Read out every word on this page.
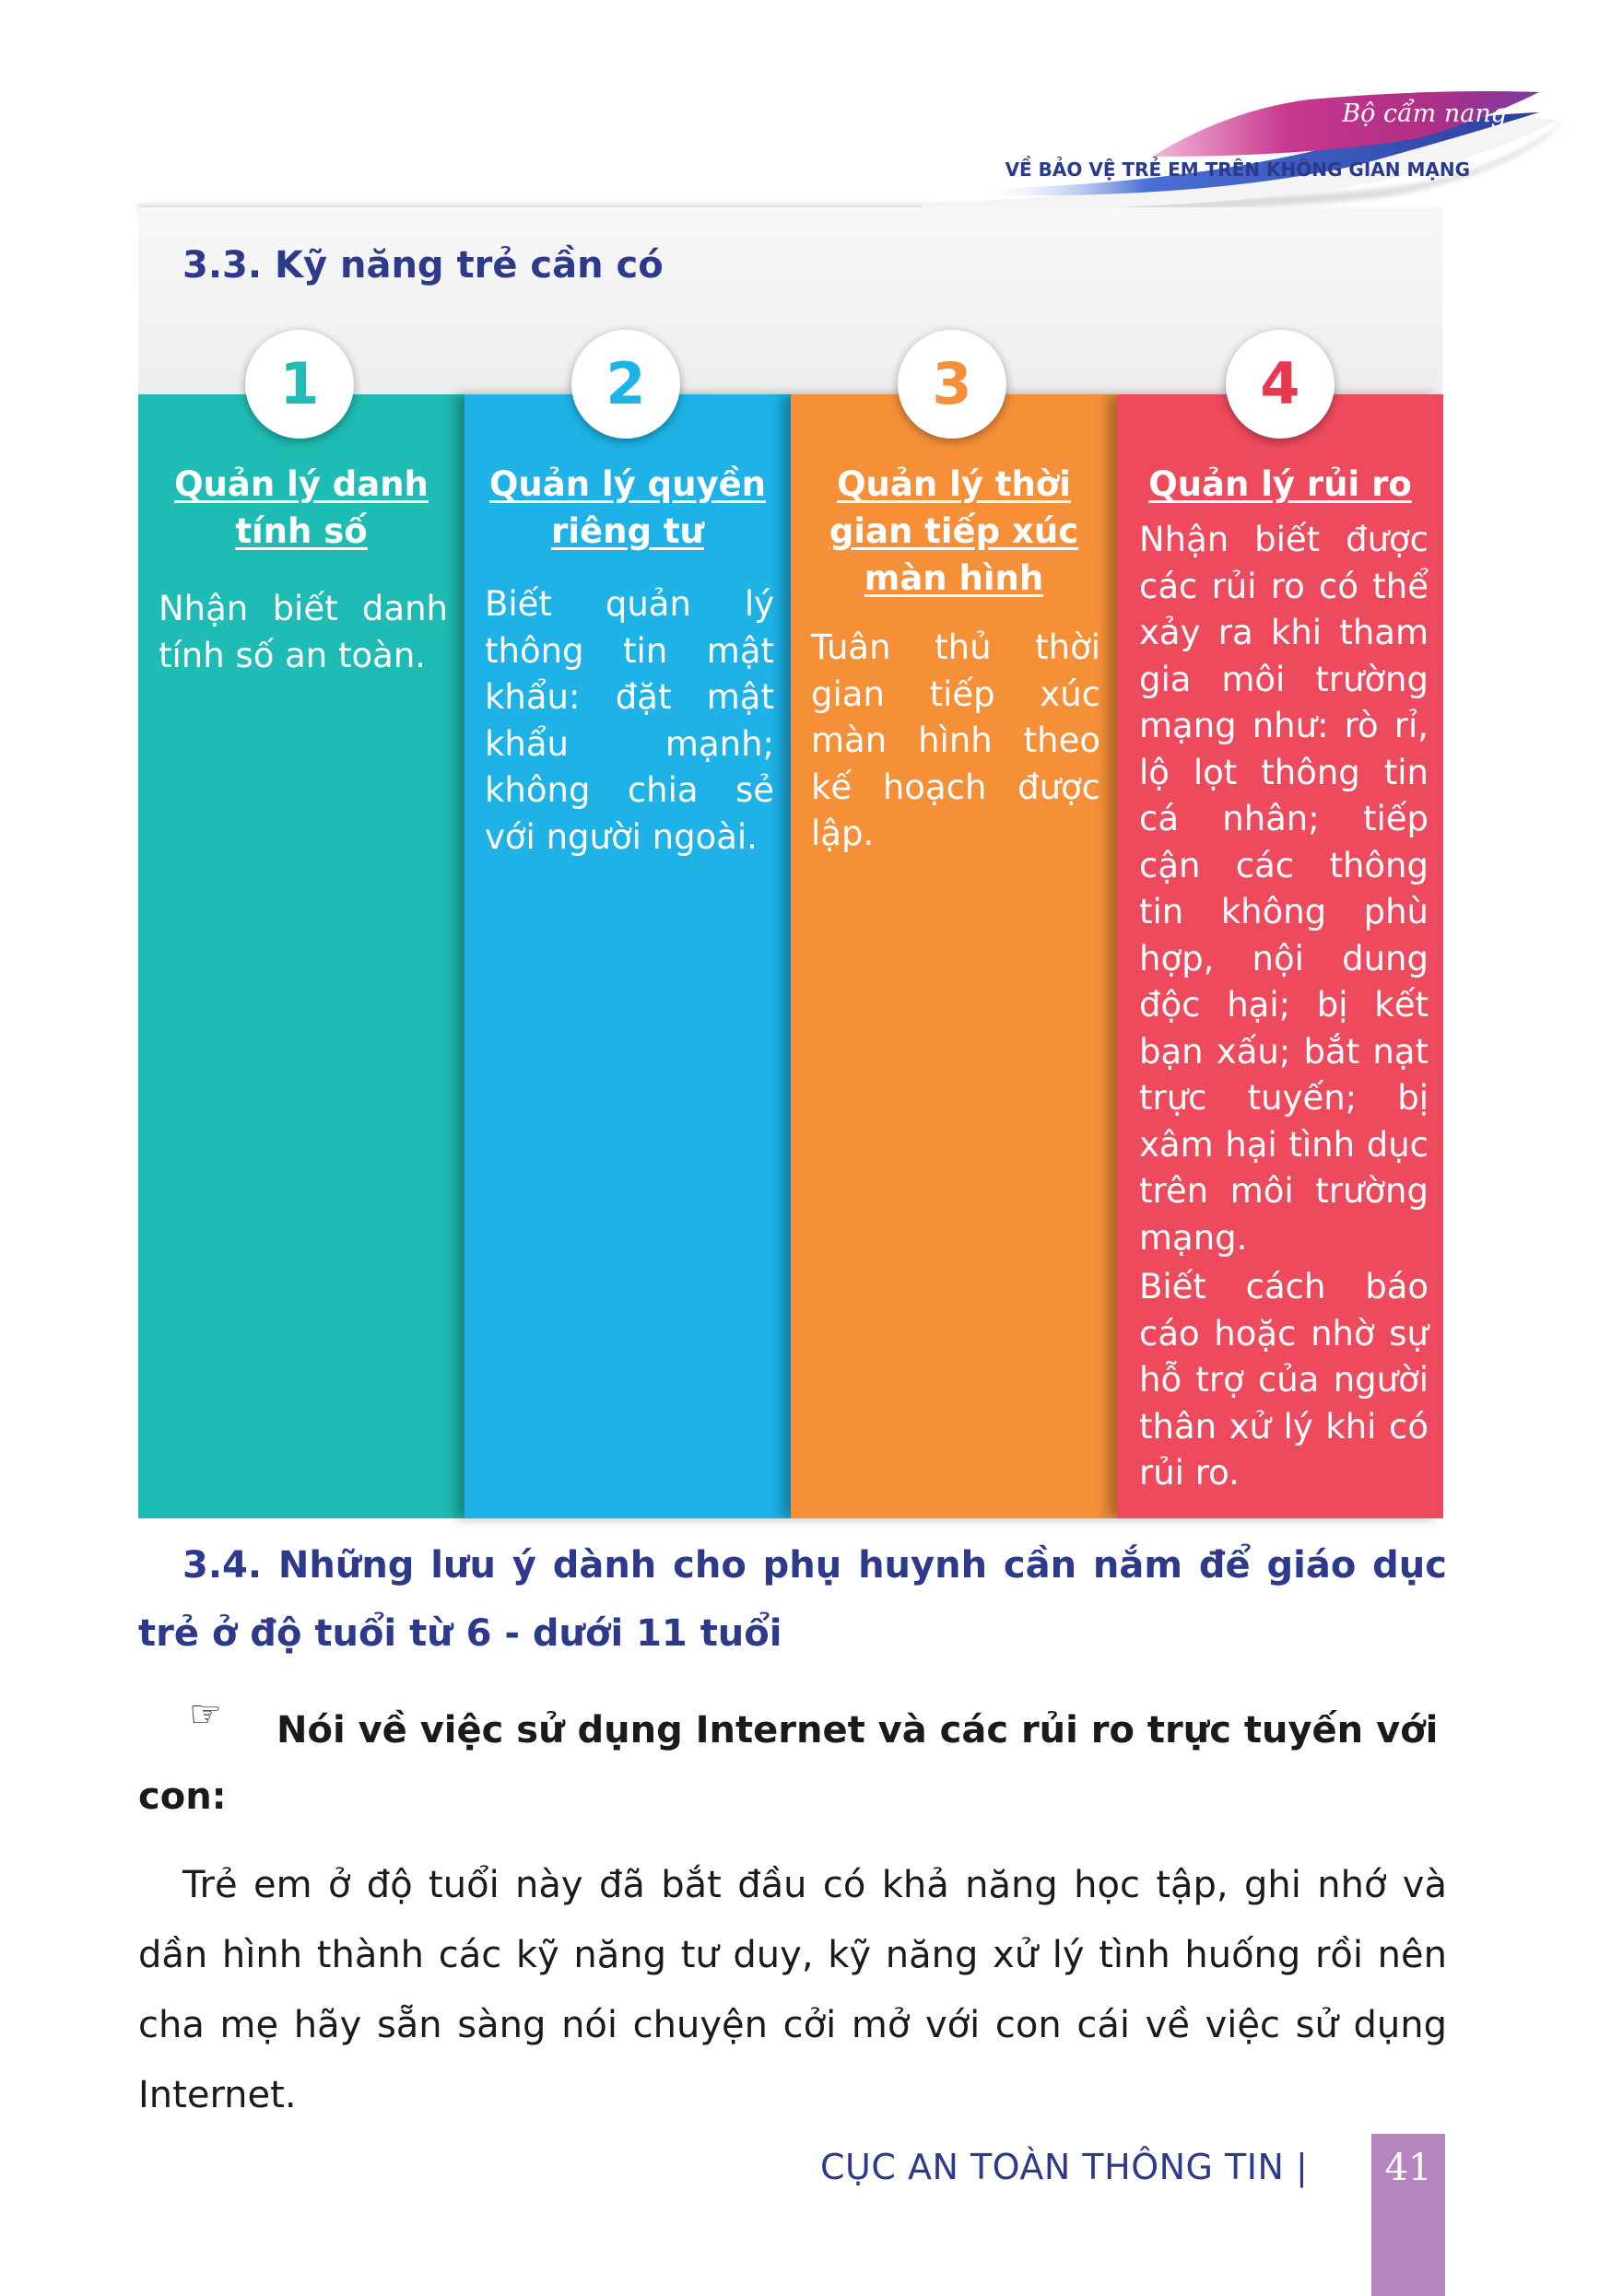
Bộ cẩm nang
VỀ BẢO VỆ TRẺ EM TRÊN KHÔNG GIAN MẠNG
3.3. Kỹ năng trẻ cần có
Quản lý danh tính số
Nhận biết danh tính số an toàn.
Quản lý quyền riêng tư
Biết quản lý thông tin mật khẩu: đặt mật khẩu mạnh; không chia sẻ với người ngoài.
Quản lý thời gian tiếp xúc màn hình
Tuân thủ thời gian tiếp xúc màn hình theo kế hoạch được lập.
Quản lý rủi ro
Nhận biết được các rủi ro có thể xảy ra khi tham gia môi trường mạng như: rò rỉ, lộ lọt thông tin cá nhân; tiếp cận các thông tin không phù hợp, nội dung độc hại; bị kết bạn xấu; bắt nạt trực tuyến; bị xâm hại tình dục trên môi trường mạng.
Biết cách báo cáo hoặc nhờ sự hỗ trợ của người thân xử lý khi có rủi ro.
1	2	3	4
3.4. Những lưu ý dành cho phụ huynh cần nắm để giáo dục trẻ ở độ tuổi từ 6 - dưới 11 tuổi
Nói về việc sử dụng Internet và các rủi ro trực tuyến với con:
☞
Trẻ em ở độ tuổi này đã bắt đầu có khả năng học tập, ghi nhớ và dần hình thành các kỹ năng tư duy, kỹ năng xử lý tình huống rồi nên cha mẹ hãy sẵn sàng nói chuyện cởi mở với con cái về việc sử dụng Internet.
CỤC AN TOÀN THÔNG TIN |	41
